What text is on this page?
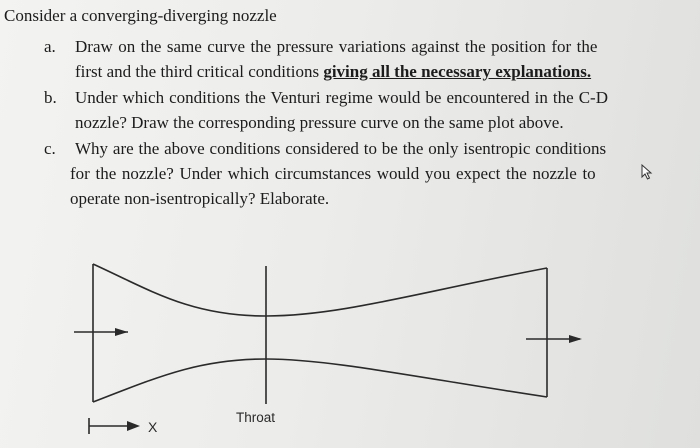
Consider a converging-diverging nozzle
a. Draw on the same curve the pressure variations against the position for the
first and the third critical conditions giving all the necessary explanations.
b. Under which conditions the Venturi regime would be encountered in the C-D
nozzle? Draw the corresponding pressure curve on the same plot above.
c. Why are the above conditions considered to be the only isentropic conditions
for the nozzle? Under which circumstances would you expect the nozzle to
operate non-isentropically? Elaborate.
Throat
X
